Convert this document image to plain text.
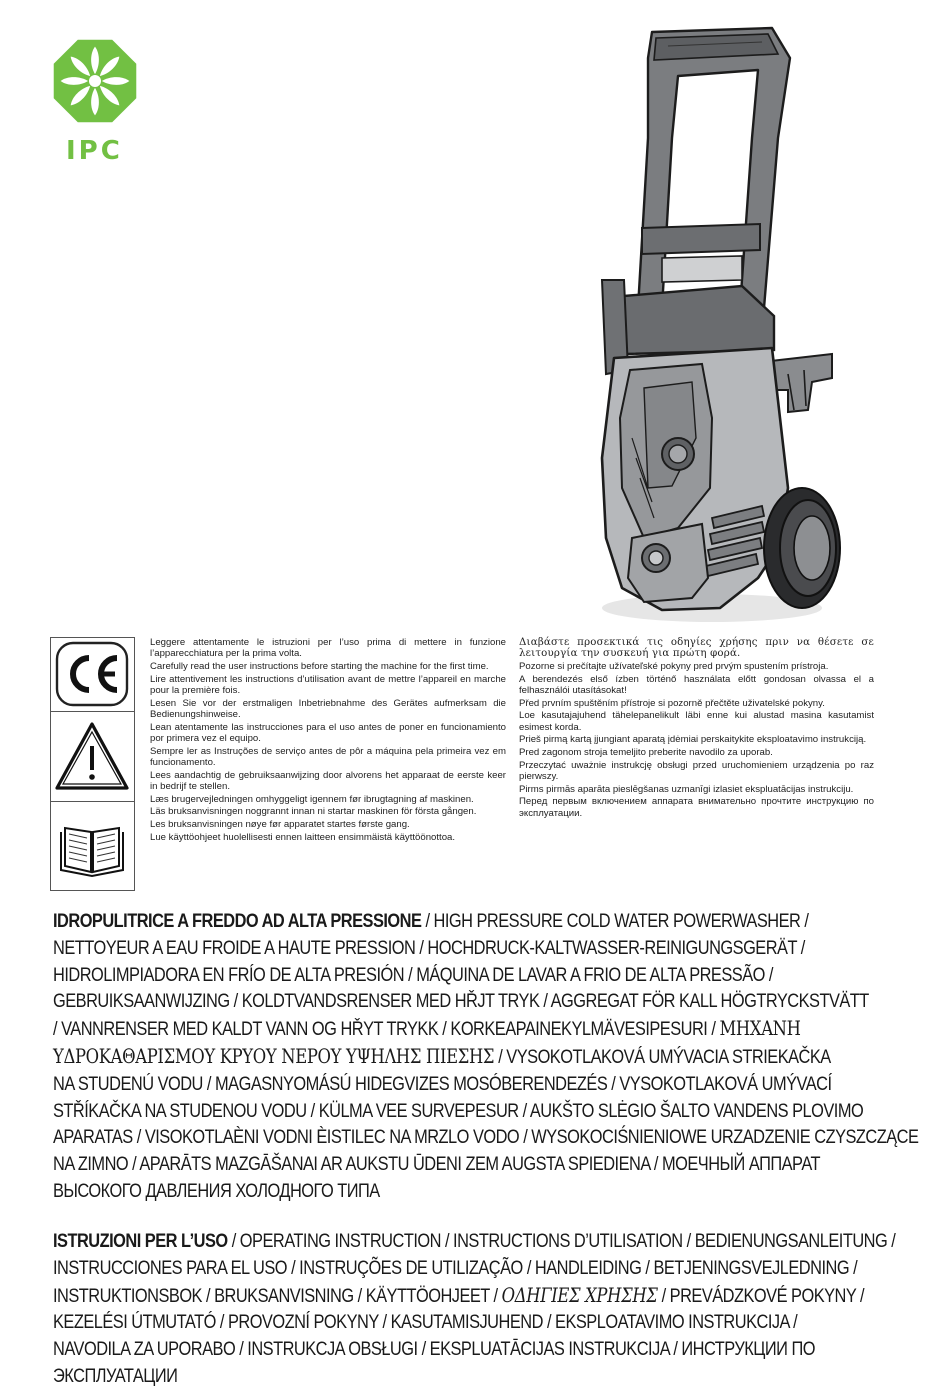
IPC

Leggere attentamente le istruzioni per l’uso prima di mettere in funzione l’apparecchiatura per la prima volta.

Carefully read the user instructions before starting the machine for the first time.

Lire attentivement les instructions d’utilisation avant de mettre l’appareil en marche pour la première fois.

Lesen Sie vor der erstmaligen Inbetriebnahme des Gerätes aufmerksam die Bedienungshinweise.

Lean atentamente las instrucciones para el uso antes de poner en funcionamiento por primera vez el equipo.

Sempre ler as Instruções de serviço antes de pôr a máquina pela primeira vez em funcionamento.

Lees aandachtig de gebruiksaanwijzing door alvorens het apparaat de eerste keer in bedrijf te stellen.

Læs brugervejledningen omhyggeligt igennem før ibrugtagning af maskinen.

Läs bruksanvisningen noggrannt innan ni startar maskinen för första gången.

Les bruksanvisningen nøye før apparatet startes første gang.

Lue käyttöohjeet huolellisesti ennen laitteen ensimmäistä käyttöönottoa.

Διαβάστε προσεκτικά τις οδηγίες χρήσης πριν να θέσετε σε λειτουργία την συσκευή για πρώτη φορά.

Pozorne si prečítajte užívateľské pokyny pred prvým spustením prístroja.

A berendezés első ízben történő használata előtt gondosan olvassa el a felhasználói utasításokat!

Před prvním spuštěním přístroje si pozorně přečtěte uživatelské pokyny.

Loe kasutajajuhend tähelepanelikult läbi enne kui alustad masina kasutamist esimest korda.

Prieš pirmą kartą įjungiant aparatą įdėmiai perskaitykite eksploatavimo instrukciją.

Pred zagonom stroja temeljito preberite navodilo za uporab.

Przeczytać uważnie instrukcję obsługi przed uruchomieniem urządzenia po raz pierwszy.

Pirms pirmās aparāta pieslēgšanas uzmanīgi izlasiet ekspluatācijas instrukciju.

Перед первым включением аппарата внимательно прочтите инструкцию по эксплуатации.

IDROPULITRICE A FREDDO AD ALTA PRESSIONE / HIGH PRESSURE COLD WATER POWERWASHER /
NETTOYEUR A EAU FROIDE A HAUTE PRESSION / HOCHDRUCK-KALTWASSER-REINIGUNGSGERÄT /
HIDROLIMPIADORA EN FRÍO DE ALTA PRESIÓN / MÁQUINA DE LAVAR A FRIO DE ALTA PRESSÃO /
GEBRUIKSAANWIJZING / KOLDTVANDSRENSER MED HŘJT TRYK / AGGREGAT FÖR KALL HÖGTRYCKSTVÄTT
/ VANNRENSER MED KALDT VANN OG HŘYT TRYKK / KORKEAPAINEKYLMÄVESIPESURI / ΜΗΧΑΝΗ
ΥΔΡΟΚΑΘΑΡΙΣΜΟΥ ΚΡΥΟΥ ΝΕΡΟΥ ΥΨΗΛΗΣ ΠΙΕΣΗΣ / VYSOKOTLAKOVÁ UMÝVACIA STRIEKAČKA
NA STUDENÚ VODU / MAGASNYOMÁSÚ HIDEGVIZES MOSÓBERENDEZÉS / VYSOKOTLAKOVÁ UMÝVACÍ
STŘÍKAČKA NA STUDENOU VODU / KÜLMA VEE SURVEPESUR / AUKŠTO SLĖGIO ŠALTO VANDENS PLOVIMO
APARATAS / VISOKOTLAÈNI VODNI ÈISTILEC NA MRZLO VODO / WYSOKOCIŚNIENIOWE URZADZENIE CZYSZCZĄCE
NA ZIMNO / APARĀTS MAZGĀŠANAI AR AUKSTU ŪDENI ZEM AUGSTA SPIEDIENA / МОЕЧНЫЙ АППАРАТ
ВЫСОКОГО ДАВЛЕНИЯ ХОЛОДНОГО ТИПА
ISTRUZIONI PER L’USO / OPERATING INSTRUCTION / INSTRUCTIONS D’UTILISATION / BEDIENUNGSANLEITUNG /
INSTRUCCIONES PARA EL USO / INSTRUÇÕES DE UTILIZAÇÃO / HANDLEIDING / BETJENINGSVEJLEDNING /
INSTRUKTIONSBOK / BRUKSANVISNING / KÄYTTÖOHJEET / ΟΔΗΓΙΕΣ ΧΡΗΣΗΣ / PREVÁDZKOVÉ POKYNY /
KEZELÉSI ÚTMUTATÓ / PROVOZNÍ POKYNY / KASUTAMISJUHEND / EKSPLOATAVIMO INSTRUKCIJA /
NAVODILA ZA UPORABO / INSTRUKCJA OBSŁUGI / EKSPLUATĀCIJAS INSTRUKCIJA / ИНСТРУКЦИИ ПО
ЭКСПЛУАТАЦИИ
